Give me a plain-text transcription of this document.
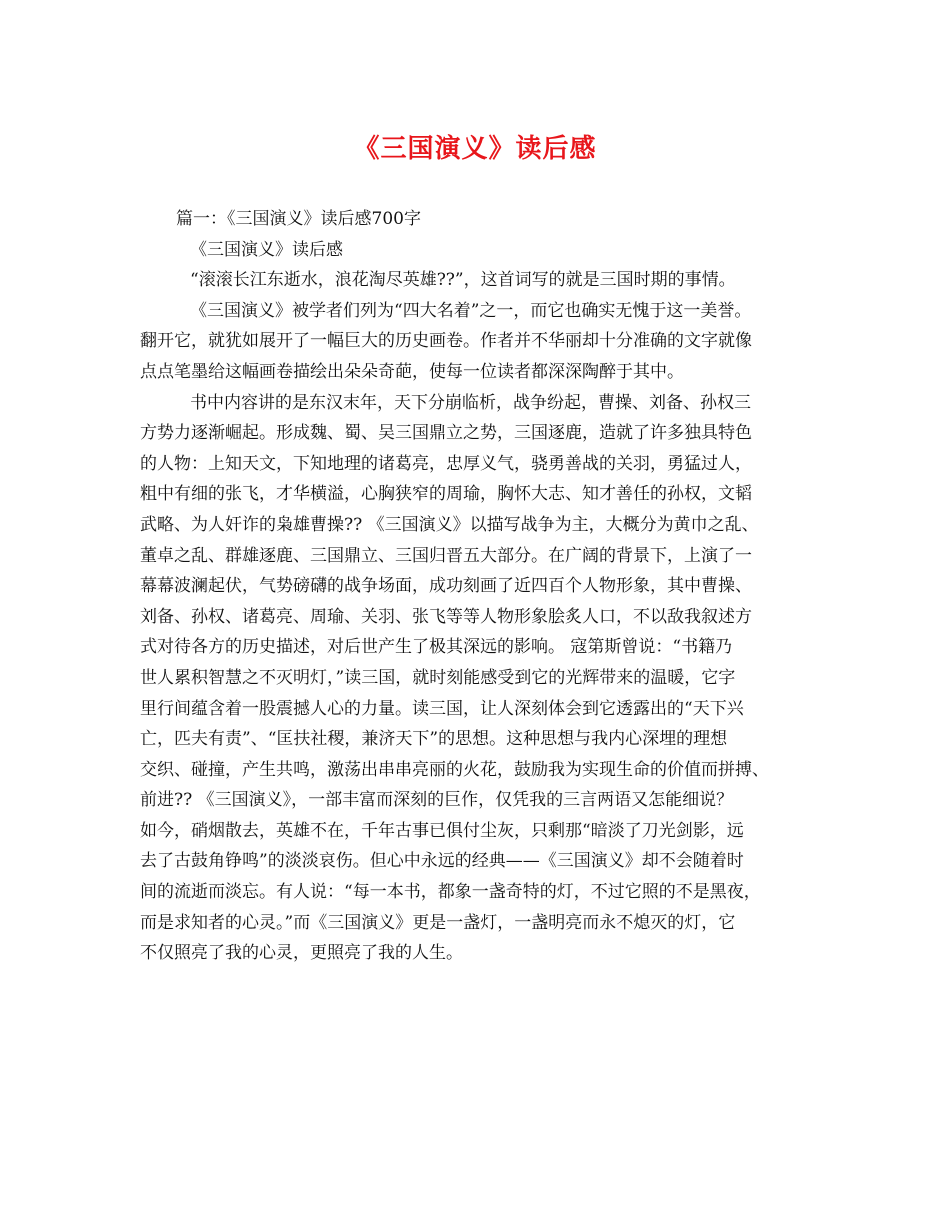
《三国演义》读后感
篇一：《三国演义》读后感700字
《三国演义》读后感
“滚滚长江东逝水，浪花淘尽英雄??”，这首词写的就是三国时期的事情。
《三国演义》被学者们列为“四大名着”之一，而它也确实无愧于这一美誉。
翻开它，就犹如展开了一幅巨大的历史画卷。作者并不华丽却十分准确的文字就像
点点笔墨给这幅画卷描绘出朵朵奇葩，使每一位读者都深深陶醉于其中。
书中内容讲的是东汉末年，天下分崩临析，战争纷起，曹操、刘备、孙权三
方势力逐渐崛起。形成魏、蜀、吴三国鼎立之势，三国逐鹿，造就了许多独具特色
的人物：上知天文，下知地理的诸葛亮，忠厚义气，骁勇善战的关羽，勇猛过人，
粗中有细的张飞，才华横溢，心胸狭窄的周瑜，胸怀大志、知才善任的孙权，文韬
武略、为人奸诈的枭雄曹操?? 《三国演义》以描写战争为主，大概分为黄巾之乱、
董卓之乱、群雄逐鹿、三国鼎立、三国归晋五大部分。在广阔的背景下，上演了一
幕幕波澜起伏，气势磅礴的战争场面，成功刻画了近四百个人物形象，其中曹操、
刘备、孙权、诸葛亮、周瑜、关羽、张飞等等人物形象脍炙人口，不以敌我叙述方
式对待各方的历史描述，对后世产生了极其深远的影响。 寇第斯曾说：“书籍乃
世人累积智慧之不灭明灯，”读三国，就时刻能感受到它的光辉带来的温暖，它字
里行间蕴含着一股震撼人心的力量。读三国，让人深刻体会到它透露出的“天下兴
亡，匹夫有责”、“匡扶社稷，兼济天下”的思想。这种思想与我内心深埋的理想
交织、碰撞，产生共鸣，激荡出串串亮丽的火花，鼓励我为实现生命的价值而拼搏、
前进?? 《三国演义》，一部丰富而深刻的巨作，仅凭我的三言两语又怎能细说？
如今，硝烟散去，英雄不在，千年古事已俱付尘灰，只剩那“暗淡了刀光剑影，远
去了古鼓角铮鸣”的淡淡哀伤。但心中永远的经典——《三国演义》却不会随着时
间的流逝而淡忘。有人说：“每一本书，都象一盏奇特的灯，不过它照的不是黑夜，
而是求知者的心灵。”而《三国演义》更是一盏灯，一盏明亮而永不熄灭的灯，它
不仅照亮了我的心灵，更照亮了我的人生。
